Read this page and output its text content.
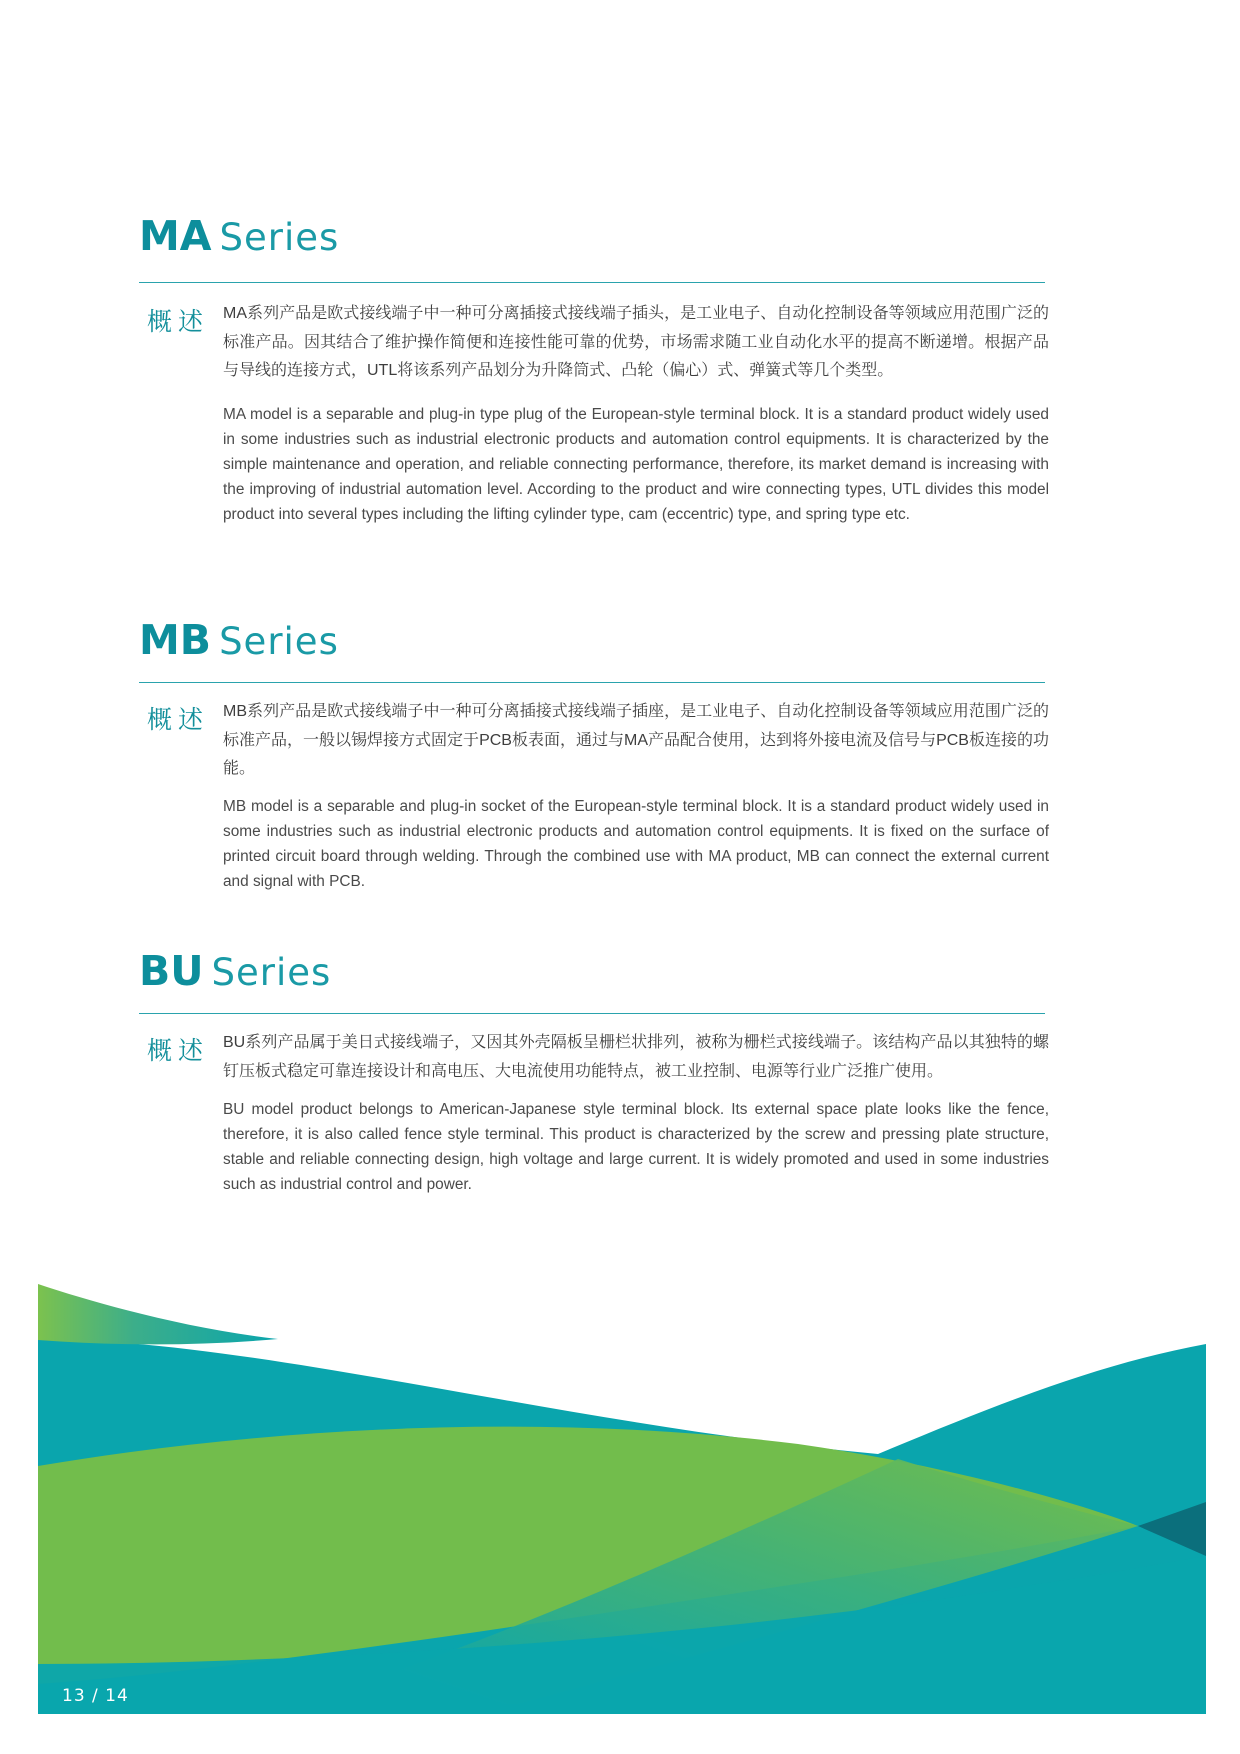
MA Series
概述 MA系列产品是欧式接线端子中一种可分离插接式接线端子插头，是工业电子、自动化控制设备等领域应用范围广泛的标准产品。因其结合了维护操作简便和连接性能可靠的优势，市场需求随工业自动化水平的提高不断递增。根据产品与导线的连接方式，UTL将该系列产品划分为升降筒式、凸轮（偏心）式、弹簧式等几个类型。
MA model is a separable and plug-in type plug of the European-style terminal block. It is a standard product widely used in some industries such as industrial electronic products and automation control equipments. It is characterized by the simple maintenance and operation, and reliable connecting performance, therefore, its market demand is increasing with the improving of industrial automation level. According to the product and wire connecting types, UTL divides this model product into several types including the lifting cylinder type, cam (eccentric) type, and spring type etc.
MB Series
概述 MB系列产品是欧式接线端子中一种可分离插接式接线端子插座，是工业电子、自动化控制设备等领域应用范围广泛的标准产品，一般以锡焊接方式固定于PCB板表面，通过与MA产品配合使用，达到将外接电流及信号与PCB板连接的功能。
MB model is a separable and plug-in socket of the European-style terminal block. It is a standard product widely used in some industries such as industrial electronic products and automation control equipments. It is fixed on the surface of printed circuit board through welding. Through the combined use with MA product, MB can connect the external current and signal with PCB.
BU Series
概述 BU系列产品属于美日式接线端子，又因其外壳隔板呈栅栏状排列，被称为栅栏式接线端子。该结构产品以其独特的螺钉压板式稳定可靠连接设计和高电压、大电流使用功能特点，被工业控制、电源等行业广泛推广使用。
BU model product belongs to American-Japanese style terminal block. Its external space plate looks like the fence, therefore, it is also called fence style terminal. This product is characterized by the screw and pressing plate structure, stable and reliable connecting design, high voltage and large current. It is widely promoted and used in some industries such as industrial control and power.
13 / 14
